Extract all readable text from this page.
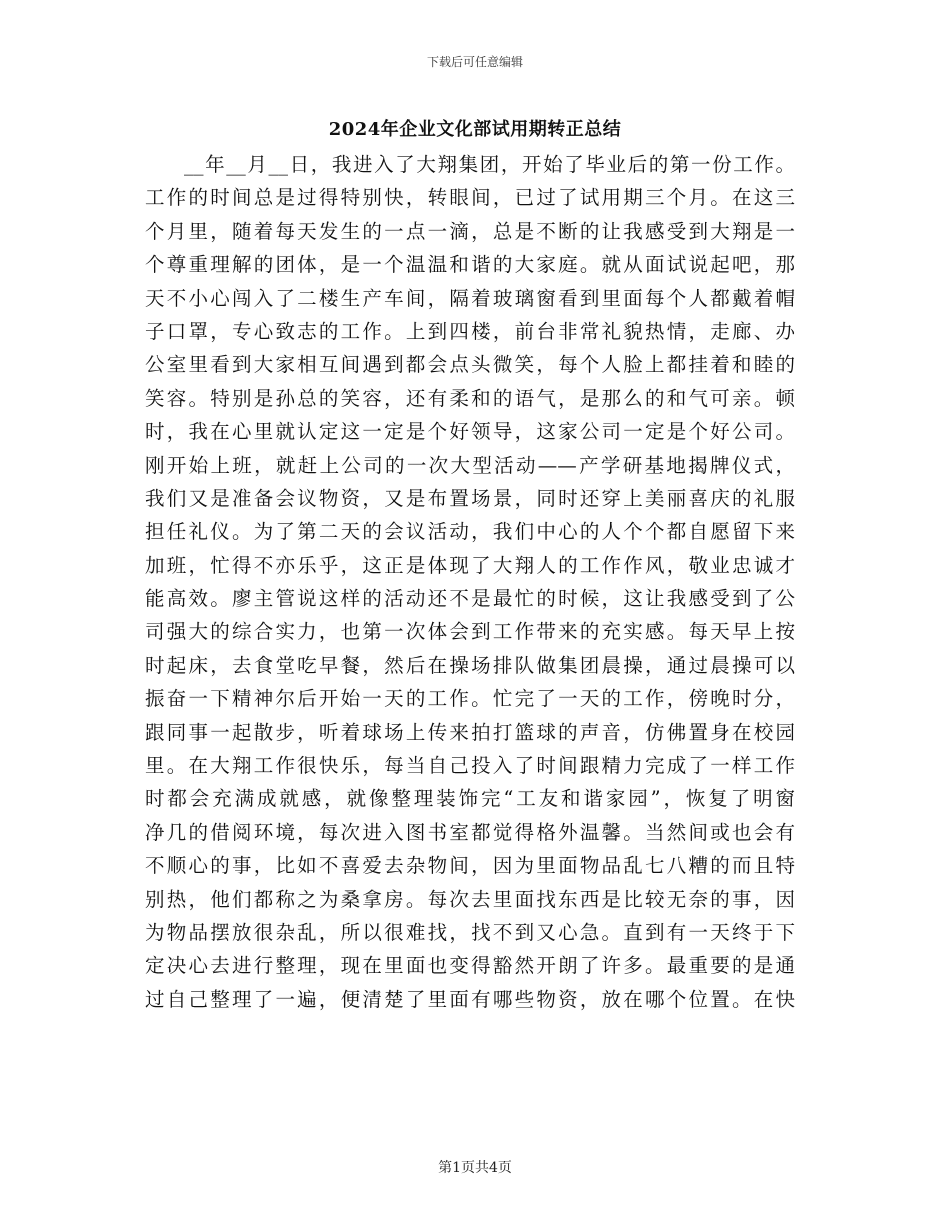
下载后可任意编辑
2024年企业文化部试用期转正总结
__年__月__日，我进入了大翔集团，开始了毕业后的第一份工作。
工作的时间总是过得特别快，转眼间，已过了试用期三个月。在这三
个月里，随着每天发生的一点一滴，总是不断的让我感受到大翔是一
个尊重理解的团体，是一个温温和谐的大家庭。就从面试说起吧，那
天不小心闯入了二楼生产车间，隔着玻璃窗看到里面每个人都戴着帽
子口罩，专心致志的工作。上到四楼，前台非常礼貌热情，走廊、办
公室里看到大家相互间遇到都会点头微笑，每个人脸上都挂着和睦的
笑容。特别是孙总的笑容，还有柔和的语气，是那么的和气可亲。顿
时，我在心里就认定这一定是个好领导，这家公司一定是个好公司。
刚开始上班，就赶上公司的一次大型活动——产学研基地揭牌仪式，
我们又是准备会议物资，又是布置场景，同时还穿上美丽喜庆的礼服
担任礼仪。为了第二天的会议活动，我们中心的人个个都自愿留下来
加班，忙得不亦乐乎，这正是体现了大翔人的工作作风，敬业忠诚才
能高效。廖主管说这样的活动还不是最忙的时候，这让我感受到了公
司强大的综合实力，也第一次体会到工作带来的充实感。每天早上按
时起床，去食堂吃早餐，然后在操场排队做集团晨操，通过晨操可以
振奋一下精神尔后开始一天的工作。忙完了一天的工作，傍晚时分，
跟同事一起散步，听着球场上传来拍打篮球的声音，仿佛置身在校园
里。在大翔工作很快乐，每当自己投入了时间跟精力完成了一样工作
时都会充满成就感，就像整理装饰完“工友和谐家园”，恢复了明窗
净几的借阅环境，每次进入图书室都觉得格外温馨。当然间或也会有
不顺心的事，比如不喜爱去杂物间，因为里面物品乱七八糟的而且特
别热，他们都称之为桑拿房。每次去里面找东西是比较无奈的事，因
为物品摆放很杂乱，所以很难找，找不到又心急。直到有一天终于下
定决心去进行整理，现在里面也变得豁然开朗了许多。最重要的是通
过自己整理了一遍，便清楚了里面有哪些物资，放在哪个位置。在快
第1页共4页
